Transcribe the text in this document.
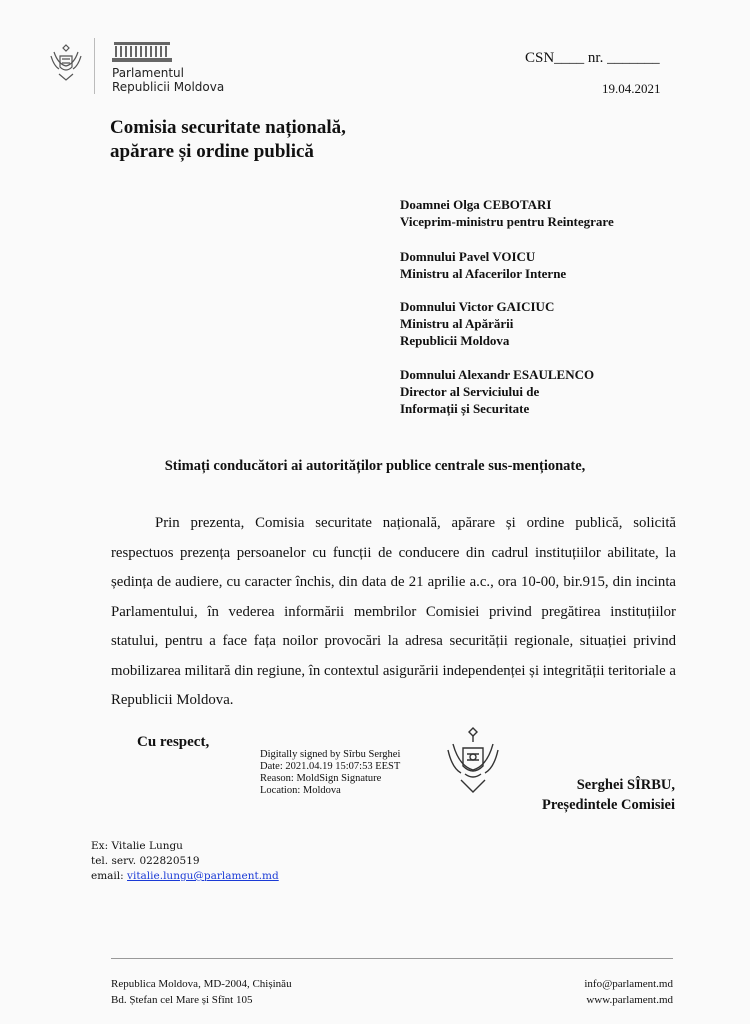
Parlamentul
Republicii Moldova
CSN____ nr. _______
19.04.2021
Comisia securitate națională,
apărare și ordine publică
Doamnei Olga CEBOTARI
Viceprim-ministru pentru Reintegrare
Domnului Pavel VOICU
Ministru al Afacerilor Interne
Domnului Victor GAICIUC
Ministru al Apărării
Republicii Moldova
Domnului Alexandr ESAULENCO
Director al Serviciului de
Informații și Securitate
Stimați conducători ai autorităților publice centrale sus-menționate,

Prin prezenta, Comisia securitate națională, apărare și ordine publică, solicită respectuos prezența persoanelor cu funcții de conducere din cadrul instituțiilor abilitate, la ședința de audiere, cu caracter închis, din data de 21 aprilie a.c., ora 10-00, bir.915, din incinta Parlamentului, în vederea informării membrilor Comisiei privind pregătirea instituțiilor statului, pentru a face fața noilor provocări la adresa securității regionale, situației privind mobilizarea militară din regiune, în contextul asigurării independenței și integrității teritoriale a Republicii Moldova.

Cu respect,
Digitally signed by Sîrbu Serghei
Date: 2021.04.19 15:07:53 EEST
Reason: MoldSign Signature
Location: Moldova	Serghei SÎRBU,
Președintele Comisiei
Ex: Vitalie Lungu
tel. serv. 022820519
email: vitalie.lungu@parlament.md
Republica Moldova, MD-2004, Chișinău
Bd. Ștefan cel Mare și Sfînt 105
info@parlament.md
www.parlament.md
